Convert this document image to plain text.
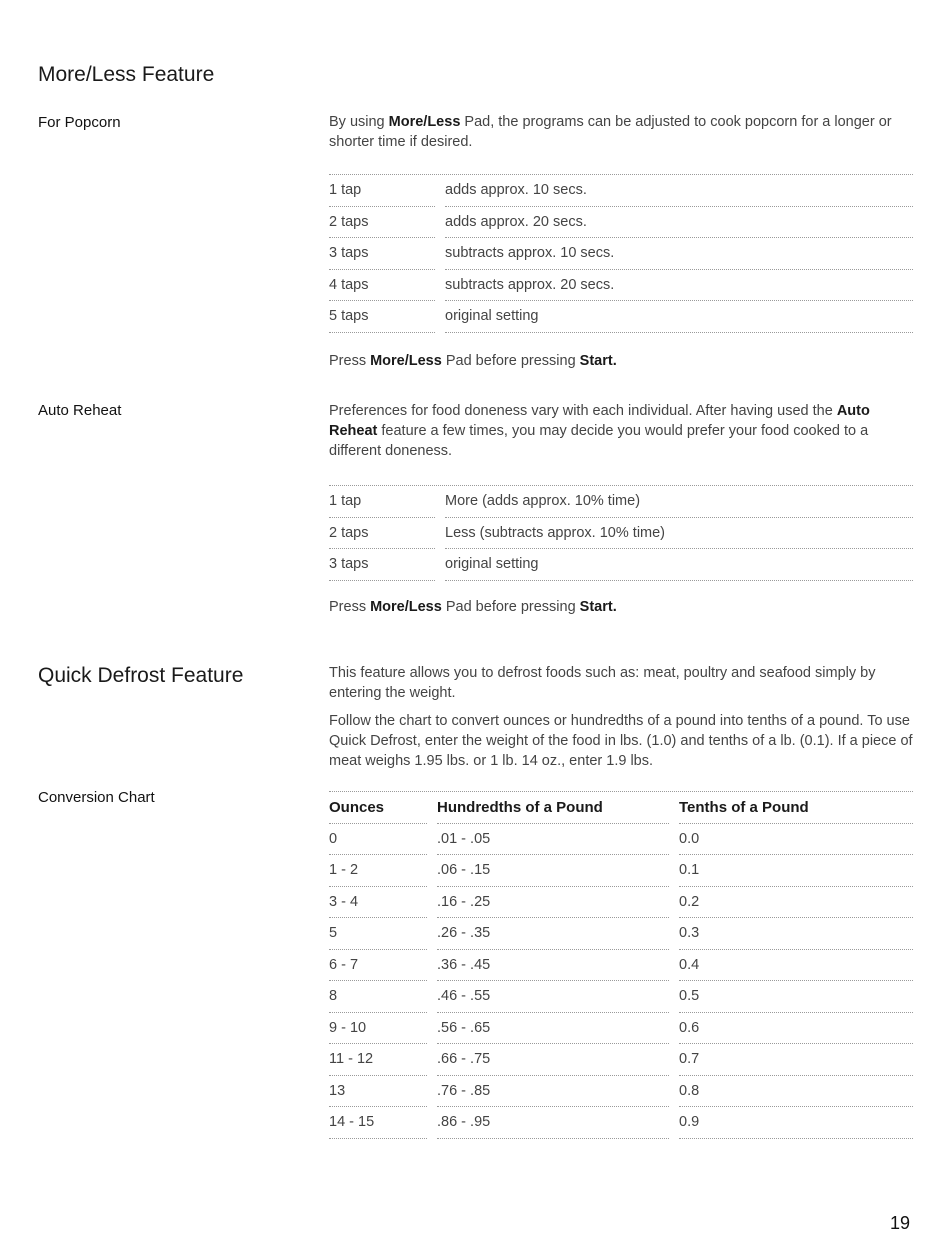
More/Less Feature
For Popcorn	By using More/Less Pad, the programs can be adjusted to cook popcorn for a longer or shorter time if desired.
1 tap	adds approx. 10 secs.
2 taps	adds approx. 20 secs.
3 taps	subtracts approx. 10 secs.
4 taps	subtracts approx. 20 secs.
5 taps	original setting
Press More/Less Pad before pressing Start.
Auto Reheat	Preferences for food doneness vary with each individual. After having used the Auto Reheat feature a few times, you may decide you would prefer your food cooked to a different doneness.
1 tap	More (adds approx. 10% time)
2 taps	Less (subtracts approx. 10% time)
3 taps	original setting
Press More/Less Pad before pressing Start.
Quick Defrost Feature	This feature allows you to defrost foods such as: meat, poultry and seafood simply by entering the weight.
Follow the chart to convert ounces or hundredths of a pound into tenths of a pound. To use Quick Defrost, enter the weight of the food in lbs. (1.0) and tenths of a lb. (0.1). If a piece of meat weighs 1.95 lbs. or 1 lb. 14 oz., enter 1.9 lbs.
Conversion Chart
Ounces	Hundredths of a Pound	Tenths of a Pound
0	.01 - .05	0.0
1 - 2	.06 - .15	0.1
3 - 4	.16 - .25	0.2
5	.26 - .35	0.3
6 - 7	.36 - .45	0.4
8	.46 - .55	0.5
9 - 10	.56 - .65	0.6
11 - 12	.66 - .75	0.7
13	.76 - .85	0.8
14 - 15	.86 - .95	0.9
19
